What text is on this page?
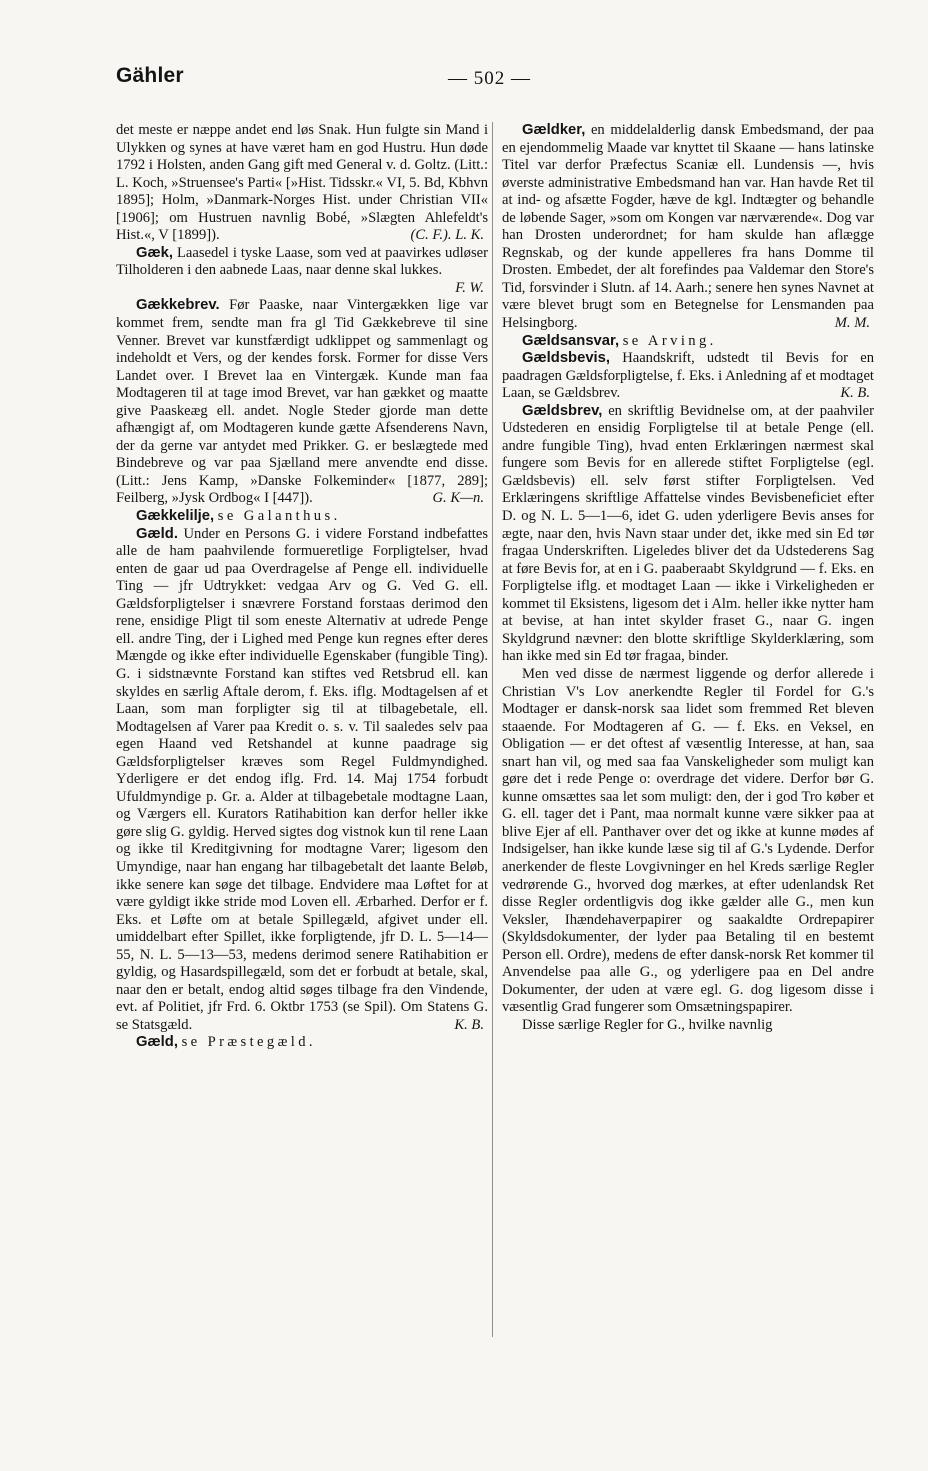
Gähler	— 502 —

det meste er næppe andet end løs Snak. Hun fulgte sin Mand i Ulykken og synes at have været ham en god Hustru. Hun døde 1792 i Holsten, anden Gang gift med General v. d. Goltz. (Litt.: L. Koch, »Struensee's Parti« [»Hist. Tidsskr.« VI, 5. Bd, Kbhvn 1895]; Holm, »Danmark-Norges Hist. under Christian VII« [1906]; om Hustruen navnlig Bobé, »Slægten Ahlefeldt's Hist.«, V [1899]).	(C. F.). L. K.

Gæk, Laasedel i tyske Laase, som ved at paavirkes udløser Tilholderen i den aabnede Laas, naar denne skal lukkes.
F. W.

Gækkebrev. Før Paaske, naar Vintergækken lige var kommet frem, sendte man fra gl Tid Gækkebreve til sine Venner. Brevet var kunstfærdigt udklippet og sammenlagt og indeholdt et Vers, og der kendes forsk. Former for disse Vers Landet over. I Brevet laa en Vintergæk. Kunde man faa Modtageren til at tage imod Brevet, var han gækket og maatte give Paaskeæg ell. andet. Nogle Steder gjorde man dette afhængigt af, om Modtageren kunde gætte Afsenderens Navn, der da gerne var antydet med Prikker. G. er beslægtede med Bindebreve og var paa Sjælland mere anvendte end disse. (Litt.: Jens Kamp, »Danske Folkeminder« [1877, 289]; Feilberg, »Jysk Ordbog« I [447]).	G. K—n.

Gækkelilje, se Galanthus.

Gæld. Under en Persons G. i videre Forstand indbefattes alle de ham paahvilende formueretlige Forpligtelser, hvad enten de gaar ud paa Overdragelse af Penge ell. individuelle Ting — jfr Udtrykket: vedgaa Arv og G. Ved G. ell. Gældsforpligtelser i snævrere Forstand forstaas derimod den rene, ensidige Pligt til som eneste Alternativ at udrede Penge ell. andre Ting, der i Lighed med Penge kun regnes efter deres Mængde og ikke efter individuelle Egenskaber (fungible Ting). G. i sidstnævnte Forstand kan stiftes ved Retsbrud ell. kan skyldes en særlig Aftale derom, f. Eks. iflg. Modtagelsen af et Laan, som man forpligter sig til at tilbagebetale, ell. Modtagelsen af Varer paa Kredit o. s. v. Til saaledes selv paa egen Haand ved Retshandel at kunne paadrage sig Gældsforpligtelser kræves som Regel Fuldmyndighed. Yderligere er det endog iflg. Frd. 14. Maj 1754 forbudt Ufuldmyndige p. Gr. a. Alder at tilbagebetale modtagne Laan, og Værgers ell. Kurators Ratihabition kan derfor heller ikke gøre slig G. gyldig. Herved sigtes dog vistnok kun til rene Laan og ikke til Kreditgivning for modtagne Varer; ligesom den Umyndige, naar han engang har tilbagebetalt det laante Beløb, ikke senere kan søge det tilbage. Endvidere maa Løftet for at være gyldigt ikke stride mod Loven ell. Ærbarhed. Derfor er f. Eks. et Løfte om at betale Spillegæld, afgivet under ell. umiddelbart efter Spillet, ikke forpligtende, jfr D. L. 5—14—55, N. L. 5—13—53, medens derimod senere Ratihabition er gyldig, og Hasardspillegæld, som det er forbudt at betale, skal, naar den er betalt, endog altid søges tilbage fra den Vindende, evt. af Politiet, jfr Frd. 6. Oktbr 1753 (se Spil). Om Statens G. se Statsgæld.	K. B.

Gæld, se Præstegæld.

Gældker, en middelalderlig dansk Embedsmand, der paa en ejendommelig Maade var knyttet til Skaane — hans latinske Titel var derfor Præfectus Scaniæ ell. Lundensis —, hvis øverste administrative Embedsmand han var. Han havde Ret til at ind- og afsætte Fogder, hæve de kgl. Indtægter og behandle de løbende Sager, »som om Kongen var nærværende«. Dog var han Drosten underordnet; for ham skulde han aflægge Regnskab, og der kunde appelleres fra hans Domme til Drosten. Embedet, der alt forefindes paa Valdemar den Store's Tid, forsvinder i Slutn. af 14. Aarh.; senere hen synes Navnet at være blevet brugt som en Betegnelse for Lensmanden paa Helsingborg.	M. M.

Gældsansvar, se Arving.

Gældsbevis, Haandskrift, udstedt til Bevis for en paadragen Gældsforpligtelse, f. Eks. i Anledning af et modtaget Laan, se Gældsbrev.	K. B.

Gældsbrev, en skriftlig Bevidnelse om, at der paahviler Udstederen en ensidig Forpligtelse til at betale Penge (ell. andre fungible Ting), hvad enten Erklæringen nærmest skal fungere som Bevis for en allerede stiftet Forpligtelse (egl. Gældsbevis) ell. selv først stifter Forpligtelsen. Ved Erklæringens skriftlige Affattelse vindes Bevisbeneficiet efter D. og N. L. 5—1—6, idet G. uden yderligere Bevis anses for ægte, naar den, hvis Navn staar under det, ikke med sin Ed tør fragaa Underskriften. Ligeledes bliver det da Udstederens Sag at føre Bevis for, at en i G. paaberaabt Skyldgrund — f. Eks. en Forpligtelse iflg. et modtaget Laan — ikke i Virkeligheden er kommet til Eksistens, ligesom det i Alm. heller ikke nytter ham at bevise, at han intet skylder fraset G., naar G. ingen Skyldgrund nævner: den blotte skriftlige Skylderklæring, som han ikke med sin Ed tør fragaa, binder.

Men ved disse de nærmest liggende og derfor allerede i Christian V's Lov anerkendte Regler til Fordel for G.'s Modtager er dansk-norsk saa lidet som fremmed Ret bleven staaende. For Modtageren af G. — f. Eks. en Veksel, en Obligation — er det oftest af væsentlig Interesse, at han, saa snart han vil, og med saa faa Vanskeligheder som muligt kan gøre det i rede Penge o: overdrage det videre. Derfor bør G. kunne omsættes saa let som muligt: den, der i god Tro køber et G. ell. tager det i Pant, maa normalt kunne være sikker paa at blive Ejer af ell. Panthaver over det og ikke at kunne mødes af Indsigelser, han ikke kunde læse sig til af G.'s Lydende. Derfor anerkender de fleste Lovgivninger en hel Kreds særlige Regler vedrørende G., hvorved dog mærkes, at efter udenlandsk Ret disse Regler ordentligvis dog ikke gælder alle G., men kun Veksler, Ihændehaverpapirer og saakaldte Ordrepapirer (Skyldsdokumenter, der lyder paa Betaling til en bestemt Person ell. Ordre), medens de efter dansk-norsk Ret kommer til Anvendelse paa alle G., og yderligere paa en Del andre Dokumenter, der uden at være egl. G. dog ligesom disse i væsentlig Grad fungerer som Omsætningspapirer.

Disse særlige Regler for G., hvilke navnlig
